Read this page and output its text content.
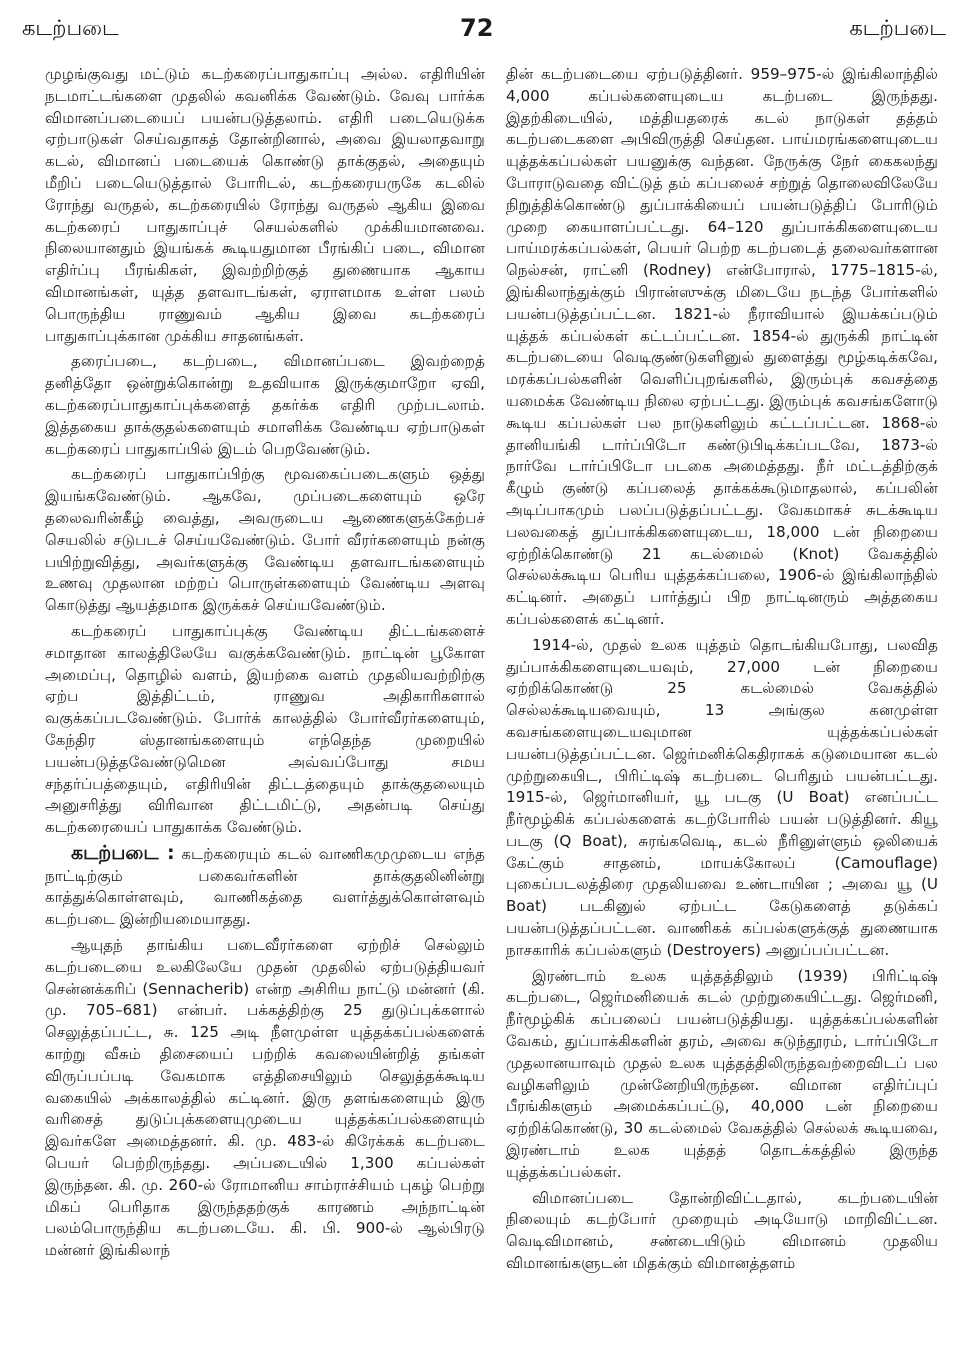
கடற்படை	72	கடற்படை

முழங்குவது மட்டும் கடற்கரைப்பாதுகாப்பு அல்ல. எதிரியின் நடமாட்டங்களை முதலில் கவனிக்க வேண்டும். வேவு பார்க்க விமானப்படையைப் பயன்படுத்தலாம். எதிரி படையெடுக்க ஏற்பாடுகள் செய்வதாகத் தோன்றினால், அவை இயலாதவாறு கடல், விமானப் படையைக் கொண்டு தாக்குதல், அதையும் மீறிப் படையெடுத்தால் போரிடல், கடற்கரையருகே கடலில் ரோந்து வருதல், கடற்கரையில் ரோந்து வருதல் ஆகிய இவை கடற்கரைப் பாதுகாப்புச் செயல்களில் முக்கியமானவை. நிலையானதும் இயங்கக் கூடியதுமான பீரங்கிப் படை, விமான எதிர்ப்பு பீரங்கிகள், இவற்றிற்குத் துணையாக ஆகாய விமானங்கள், யுத்த தளவாடங்கள், ஏராளமாக உள்ள பலம் பொருந்திய ராணுவம் ஆகிய இவை கடற்கரைப் பாதுகாப்புக்கான முக்கிய சாதனங்கள்.

தரைப்படை, கடற்படை, விமானப்படை இவற்றைத் தனித்தோ ஒன்றுக்கொன்று உதவியாக இருக்குமாறோ ஏவி, கடற்கரைப்பாதுகாப்புக்களைத் தகர்க்க எதிரி முற்படலாம். இத்தகைய தாக்குதல்களையும் சமாளிக்க வேண்டிய ஏற்பாடுகள் கடற்கரைப் பாதுகாப்பில் இடம் பெறவேண்டும்.

கடற்கரைப் பாதுகாப்பிற்கு மூவகைப்படைகளும் ஒத்து இயங்கவேண்டும். ஆகவே, முப்படைகளையும் ஒரே தலைவரின்கீழ் வைத்து, அவருடைய ஆணைகளுக்கேற்பச் செயலில் சடுபடச் செய்யவேண்டும். போர் வீரர்களையும் நன்கு பயிற்றுவித்து, அவர்களுக்கு வேண்டிய தளவாடங்களையும் உணவு முதலான மற்றப் பொருள்களையும் வேண்டிய அளவு கொடுத்து ஆயத்தமாக இருக்கச் செய்யவேண்டும்.

கடற்கரைப் பாதுகாப்புக்கு வேண்டிய திட்டங்களைச் சமாதான காலத்திலேயே வகுக்கவேண்டும். நாட்டின் பூகோள அமைப்பு, தொழில் வளம், இயற்கை வளம் முதலியவற்றிற்கு ஏற்ப இத்திட்டம், ராணுவ அதிகாரிகளால் வகுக்கப்படவேண்டும். போர்க் காலத்தில் போர்வீரர்களையும், கேந்திர ஸ்தானங்களையும் எந்தெந்த முறையில் பயன்படுத்தவேண்டுமென அவ்வப்போது சமய சந்தர்ப்பத்தையும், எதிரியின் திட்டத்தையும் தாக்குதலையும் அனுசரித்து விரிவான திட்டமிட்டு, அதன்படி செய்து கடற்கரையைப் பாதுகாக்க வேண்டும்.

கடற்படை : கடற்கரையும் கடல் வாணிகமுமுடைய எந்த நாட்டிற்கும் பகைவர்களின் தாக்குதலினின்று காத்துக்கொள்ளவும், வாணிகத்தை வளர்த்துக்கொள்ளவும் கடற்படை இன்றியமையாதது.

ஆயுதந் தாங்கிய படைவீரர்களை ஏற்றிச் செல்லும் கடற்படையை உலகிலேயே முதன் முதலில் ஏற்படுத்தியவர் சென்னக்கரிப் (Sennacherib) என்ற அசிரிய நாட்டு மன்னர் (கி. மு. 705–681) என்பர். பக்கத்திற்கு 25 துடுப்புக்களால் செலுத்தப்பட்ட, சு. 125 அடி நீளமுள்ள யுத்தக்கப்பல்களைக் காற்று வீசும் திசையைப் பற்றிக் கவலையின்றித் தங்கள் விருப்பப்படி வேகமாக எத்திசையிலும் செலுத்தக்கூடிய வகையில் அக்காலத்தில் கட்டினர். இரு தளங்களையும் இரு வரிசைத் துடுப்புக்களையுமுடைய யுத்தக்கப்பல்களையும் இவர்களே அமைத்தனர். கி. மு. 483-ல் கிரேக்கக் கடற்படை பெயர் பெற்றிருந்தது. அப்படையில் 1,300 கப்பல்கள் இருந்தன. கி. மு. 260-ல் ரோமானிய சாம்ராச்சியம் புகழ் பெற்று மிகப் பெரிதாக இருந்ததற்குக் காரணம் அந்நாட்டின் பலம்பொருந்திய கடற்படையே. கி. பி. 900-ல் ஆல்பிரடு மன்னர் இங்கிலாந்

தின் கடற்படையை ஏற்படுத்தினர். 959–975-ல் இங்கிலாந்தில் 4,000 கப்பல்களையுடைய கடற்படை இருந்தது. இதற்கிடையில், மத்தியதரைக் கடல் நாடுகள் தத்தம் கடற்படைகளை அபிவிருத்தி செய்தன. பாய்மரங்களையுடைய யுத்தக்கப்பல்கள் பயனுக்கு வந்தன. நேருக்கு நேர் கைகலந்து போராடுவதை விட்டுத் தம் கப்பலைச் சற்றுத் தொலைவிலேயே நிறுத்திக்கொண்டு துப்பாக்கியைப் பயன்படுத்திப் போரிடும் முறை கையாளப்பட்டது. 64–120 துப்பாக்கிகளையுடைய பாய்மரக்கப்பல்கள், பெயர் பெற்ற கடற்படைத் தலைவர்களான நெல்சன், ராட்னி (Rodney) என்போரால், 1775–1815-ல், இங்கிலாந்துக்கும் பிரான்ஸுக்கு மிடையே நடந்த போர்களில் பயன்படுத்தப்பட்டன. 1821-ல் நீராவியால் இயக்கப்படும் யுத்தக் கப்பல்கள் கட்டப்பட்டன. 1854-ல் துருக்கி நாட்டின் கடற்படையை வெடிகுண்டுகளினுல் துளைத்து மூழ்கடிக்கவே, மரக்கப்பல்களின் வெளிப்புறங்களில், இரும்புக் கவசத்தை யமைக்க வேண்டிய நிலை ஏற்பட்டது. இரும்புக் கவசங்களோடு கூடிய கப்பல்கள் பல நாடுகளிலும் கட்டப்பட்டன. 1868-ல் தானியங்கி டார்ப்பிடோ கண்டுபிடிக்கப்படவே, 1873-ல் நார்வே டார்ப்பிடோ படகை அமைத்தது. நீர் மட்டத்திற்குக் கீழும் குண்டு கப்பலைத் தாக்கக்கூடுமாதலால், கப்பலின் அடிப்பாகமும் பலப்படுத்தப்பட்டது. வேகமாகச் சுடக்கூடிய பலவகைத் துப்பாக்கிகளையுடைய, 18,000 டன் நிறையை ஏற்றிக்கொண்டு 21 கடல்மைல் (Knot) வேகத்தில் செல்லக்கூடிய பெரிய யுத்தக்கப்பலை, 1906-ல் இங்கிலாந்தில் கட்டினர். அதைப் பார்த்துப் பிற நாட்டினரும் அத்தகைய கப்பல்களைக் கட்டினர்.

1914-ல், முதல் உலக யுத்தம் தொடங்கியபோது, பலவித துப்பாக்கிகளையுடையவும், 27,000 டன் நிறையை ஏற்றிக்கொண்டு 25 கடல்மைல் வேகத்தில் செல்லக்கூடியவையும், 13 அங்குல கனமுள்ள கவசங்களையுடையவுமான யுத்தக்கப்பல்கள் பயன்படுத்தப்பட்டன. ஜெர்மனிக்கெதிராகக் கடுமையான கடல் முற்றுகையிட, பிரிட்டிஷ் கடற்படை பெரிதும் பயன்பட்டது. 1915-ல், ஜெர்மானியர், யூ படகு (U Boat) எனப்பட்ட நீர்மூழ்கிக் கப்பல்களைக் கடற்போரில் பயன் படுத்தினர். கியூ படகு (Q Boat), சுரங்கவெடி, கடல் நீரினுள்ளும் ஒலியைக் கேட்கும் சாதனம், மாயக்கோலப் (Camouflage) புகைப்படலத்திரை முதலியவை உண்டாயின ; அவை யூ (U Boat) படகினுல் ஏற்பட்ட கேடுகளைத் தடுக்கப் பயன்படுத்தப்பட்டன. வாணிகக் கப்பல்களுக்குத் துணையாக நாசகாரிக் கப்பல்களும் (Destroyers) அனுப்பப்பட்டன.

இரண்டாம் உலக யுத்தத்திலும் (1939) பிரிட்டிஷ் கடற்படை, ஜெர்மனியைக் கடல் முற்றுகையிட்டது. ஜெர்மனி, நீர்மூழ்கிக் கப்பலைப் பயன்படுத்தியது. யுத்தக்கப்பல்களின் வேகம், துப்பாக்கிகளின் தரம், அவை சுடுந்தூரம், டார்ப்பிடோ முதலானயாவும் முதல் உலக யுத்தத்திலிருந்தவற்றைவிடப் பல வழிகளிலும் முன்னேறியிருந்தன. விமான எதிர்ப்புப் பீரங்கிகளும் அமைக்கப்பட்டு, 40,000 டன் நிறையை ஏற்றிக்கொண்டு, 30 கடல்மைல் வேகத்தில் செல்லக் கூடியவை, இரண்டாம் உலக யுத்தத் தொடக்கத்தில் இருந்த யுத்தக்கப்பல்கள்.

விமானப்படை தோன்றிவிட்டதால், கடற்படையின் நிலையும் கடற்போர் முறையும் அடியோடு மாறிவிட்டன. வெடிவிமானம், சண்டையிடும் விமானம் முதலிய விமானங்களுடன் மிதக்கும் விமானத்தளம்
